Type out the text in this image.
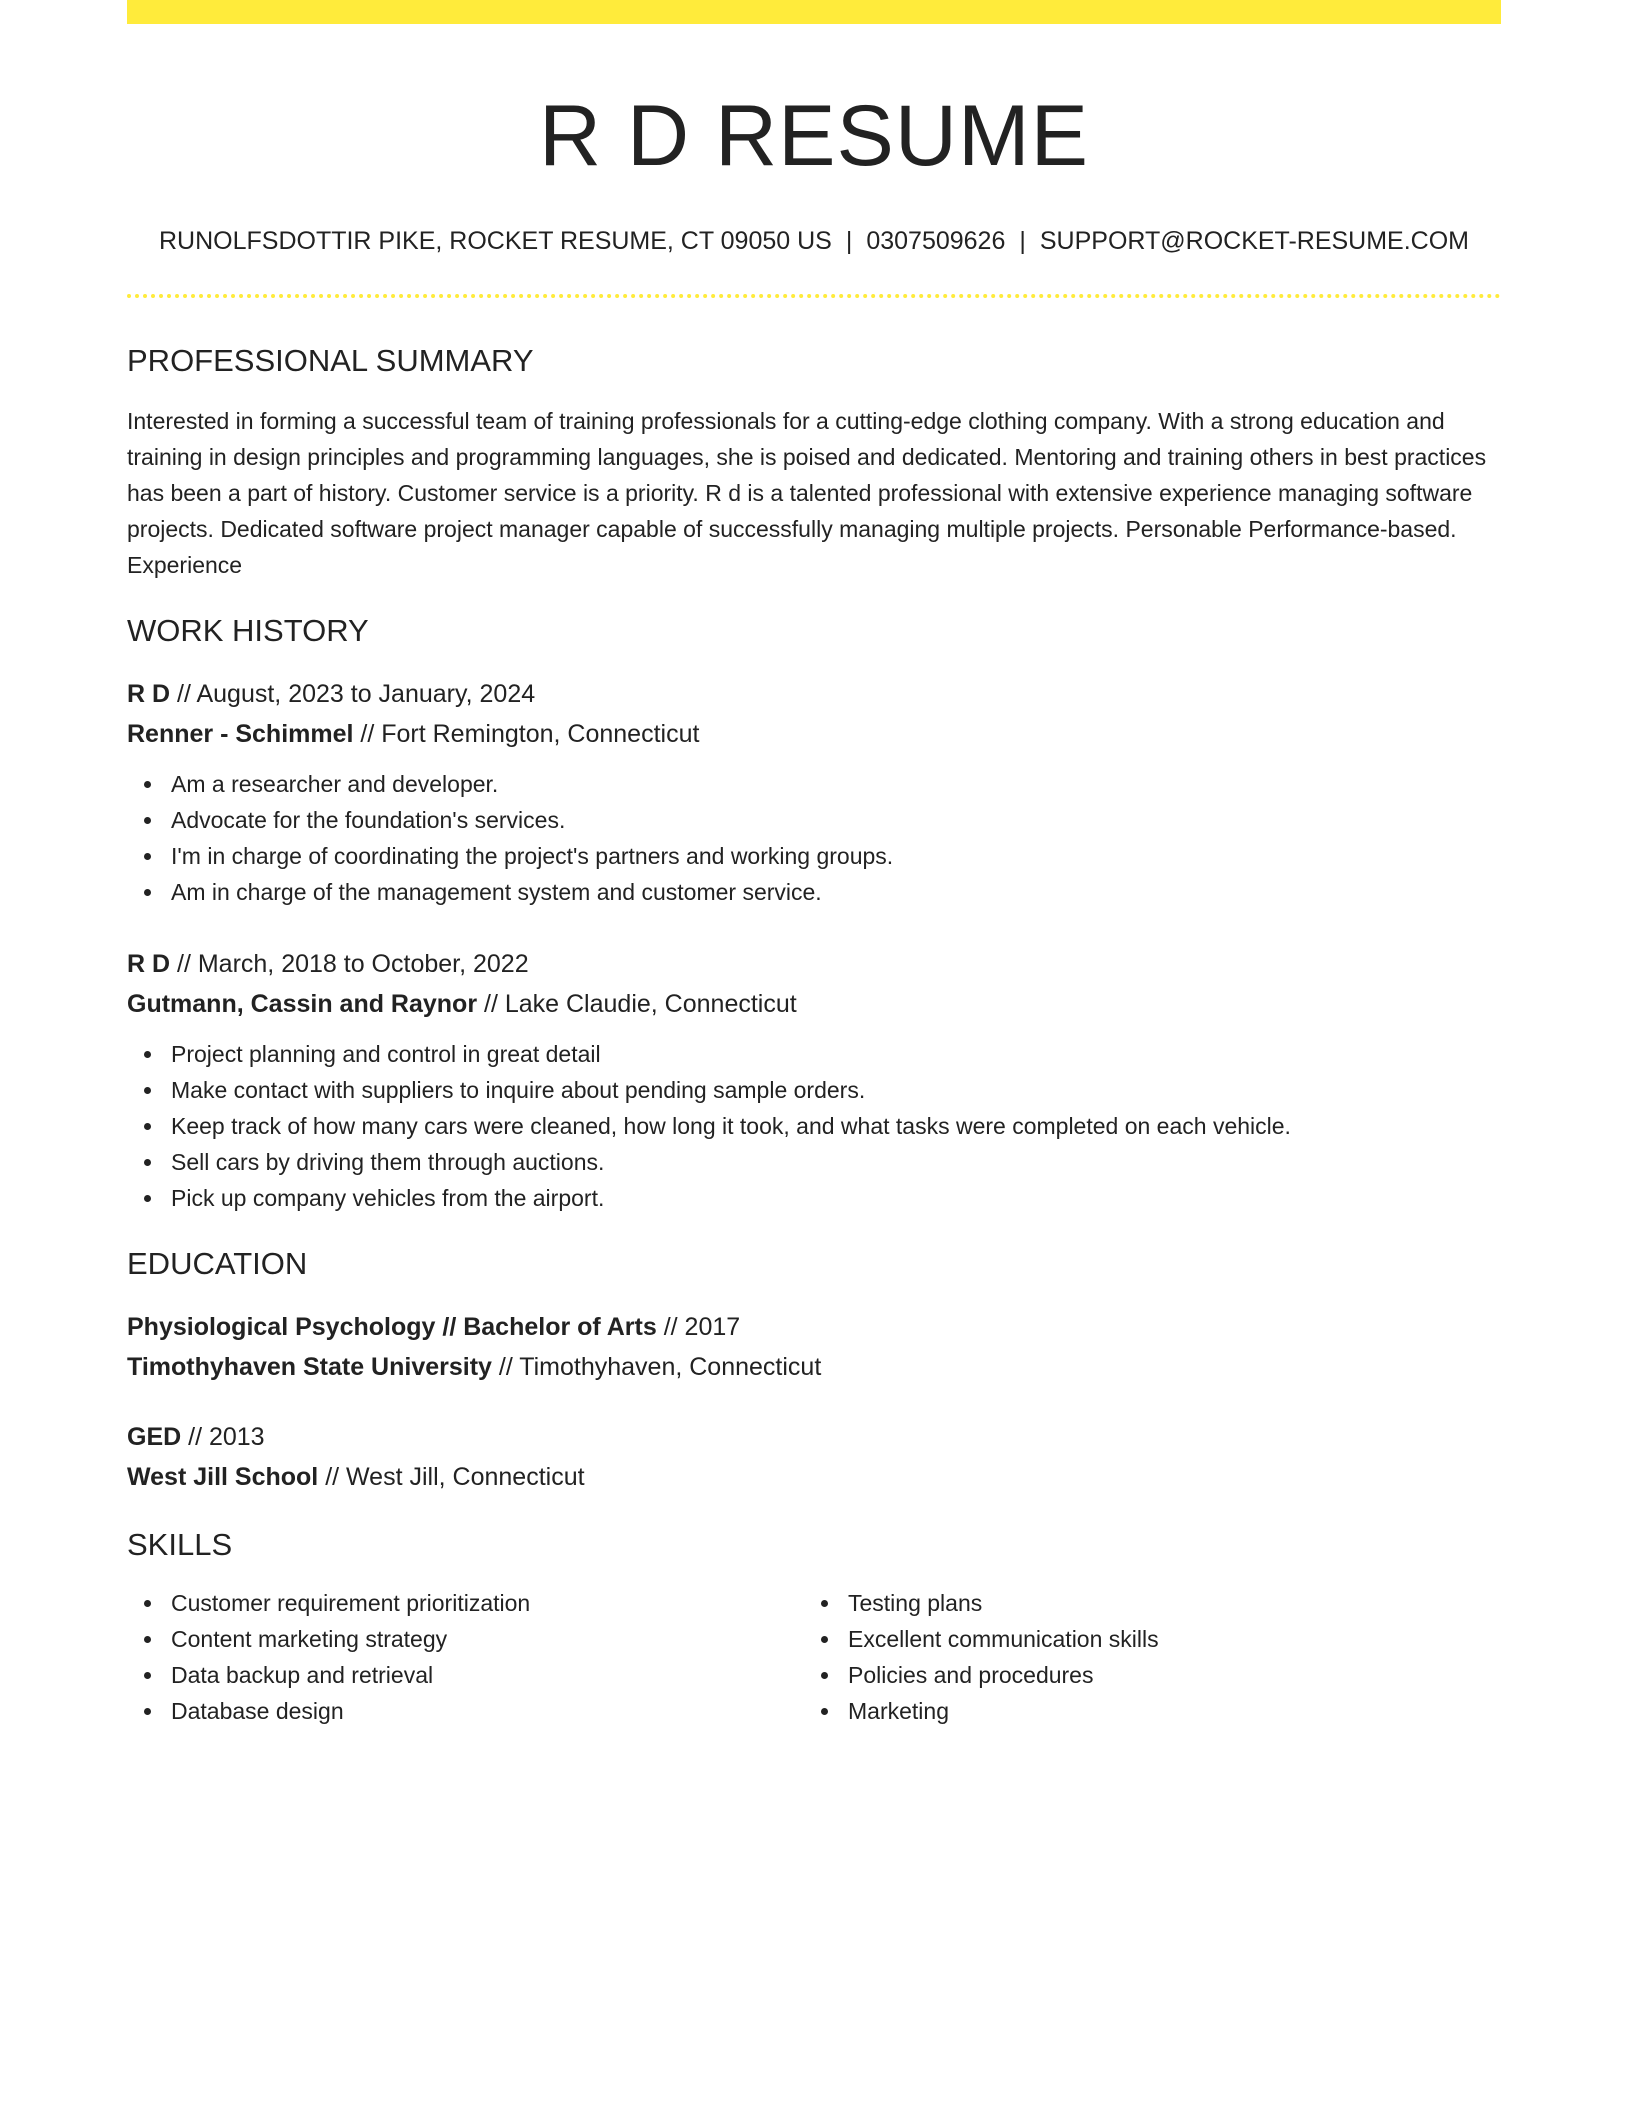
R D RESUME
RUNOLFSDOTTIR PIKE, ROCKET RESUME, CT 09050 US | 0307509626 | SUPPORT@ROCKET-RESUME.COM
PROFESSIONAL SUMMARY
Interested in forming a successful team of training professionals for a cutting-edge clothing company. With a strong education and training in design principles and programming languages, she is poised and dedicated. Mentoring and training others in best practices has been a part of history. Customer service is a priority. R d is a talented professional with extensive experience managing software projects. Dedicated software project manager capable of successfully managing multiple projects. Personable Performance-based. Experience
WORK HISTORY
R D // August, 2023 to January, 2024
Renner - Schimmel // Fort Remington, Connecticut
Am a researcher and developer.
Advocate for the foundation's services.
I'm in charge of coordinating the project's partners and working groups.
Am in charge of the management system and customer service.
R D // March, 2018 to October, 2022
Gutmann, Cassin and Raynor // Lake Claudie, Connecticut
Project planning and control in great detail
Make contact with suppliers to inquire about pending sample orders.
Keep track of how many cars were cleaned, how long it took, and what tasks were completed on each vehicle.
Sell cars by driving them through auctions.
Pick up company vehicles from the airport.
EDUCATION
Physiological Psychology // Bachelor of Arts // 2017
Timothyhaven State University // Timothyhaven, Connecticut
GED // 2013
West Jill School // West Jill, Connecticut
SKILLS
Customer requirement prioritization
Content marketing strategy
Data backup and retrieval
Database design
Testing plans
Excellent communication skills
Policies and procedures
Marketing
